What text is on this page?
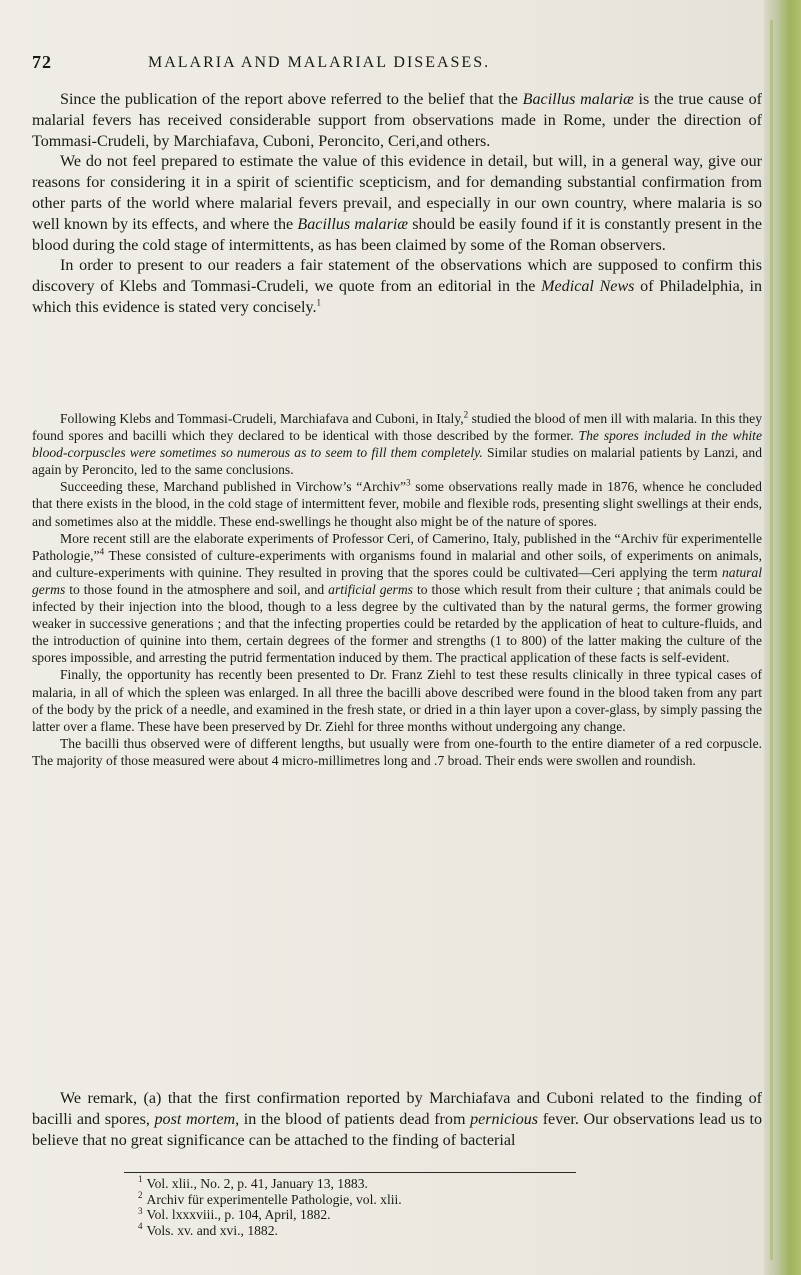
72	MALARIA AND MALARIAL DISEASES.

Since the publication of the report above referred to the belief that the Bacillus malariæ is the true cause of malarial fevers has received considerable support from observations made in Rome, under the direction of Tommasi-Crudeli, by Marchiafava, Cuboni, Peroncito, Ceri,and others.

We do not feel prepared to estimate the value of this evidence in detail, but will, in a general way, give our reasons for considering it in a spirit of scientific scepticism, and for demanding substantial confirmation from other parts of the world where malarial fevers prevail, and especially in our own country, where malaria is so well known by its effects, and where the Bacillus malariæ should be easily found if it is constantly present in the blood during the cold stage of intermittents, as has been claimed by some of the Roman observers.

In order to present to our readers a fair statement of the observations which are supposed to confirm this discovery of Klebs and Tommasi-Crudeli, we quote from an editorial in the Medical News of Philadelphia, in which this evidence is stated very concisely.$^1$

Following Klebs and Tommasi-Crudeli, Marchiafava and Cuboni, in Italy,$^2$ studied the blood of men ill with malaria. In this they found spores and bacilli which they declared to be identical with those described by the former. The spores included in the white blood-corpuscles were sometimes so numerous as to seem to fill them completely. Similar studies on malarial patients by Lanzi, and again by Peroncito, led to the same conclusions.

Succeeding these, Marchand published in Virchow’s “Archiv”$^3$ some observations really made in 1876, whence he concluded that there exists in the blood, in the cold stage of intermittent fever, mobile and flexible rods, presenting slight swellings at their ends, and sometimes also at the middle. These end-swellings he thought also might be of the nature of spores.

More recent still are the elaborate experiments of Professor Ceri, of Camerino, Italy, published in the “Archiv für experimentelle Pathologie,”$^4$ These consisted of culture-experiments with organisms found in malarial and other soils, of experiments on animals, and culture-experiments with quinine. They resulted in proving that the spores could be cultivated—Ceri applying the term natural germs to those found in the atmosphere and soil, and artificial germs to those which result from their culture ; that animals could be infected by their injection into the blood, though to a less degree by the cultivated than by the natural germs, the former growing weaker in successive generations ; and that the infecting properties could be retarded by the application of heat to culture-fluids, and the introduction of quinine into them, certain degrees of the former and strengths (1 to 800) of the latter making the culture of the spores impossible, and arresting the putrid fermentation induced by them. The practical application of these facts is self-evident.

Finally, the opportunity has recently been presented to Dr. Franz Ziehl to test these results clinically in three typical cases of malaria, in all of which the spleen was enlarged. In all three the bacilli above described were found in the blood taken from any part of the body by the prick of a needle, and examined in the fresh state, or dried in a thin layer upon a cover-glass, by simply passing the latter over a flame. These have been preserved by Dr. Ziehl for three months without undergoing any change.

The bacilli thus observed were of different lengths, but usually were from one-fourth to the entire diameter of a red corpuscle. The majority of those measured were about 4 micro-millimetres long and .7 broad. Their ends were swollen and roundish.

We remark, (a) that the first confirmation reported by Marchiafava and Cuboni related to the finding of bacilli and spores, post mortem, in the blood of patients dead from pernicious fever. Our observations lead us to believe that no great significance can be attached to the finding of bacterial

$^1$ Vol. xlii., No. 2, p. 41, January 13, 1883.
$^2$ Archiv für experimentelle Pathologie, vol. xlii.
$^3$ Vol. lxxxviii., p. 104, April, 1882.
$^4$ Vols. xv. and xvi., 1882.
